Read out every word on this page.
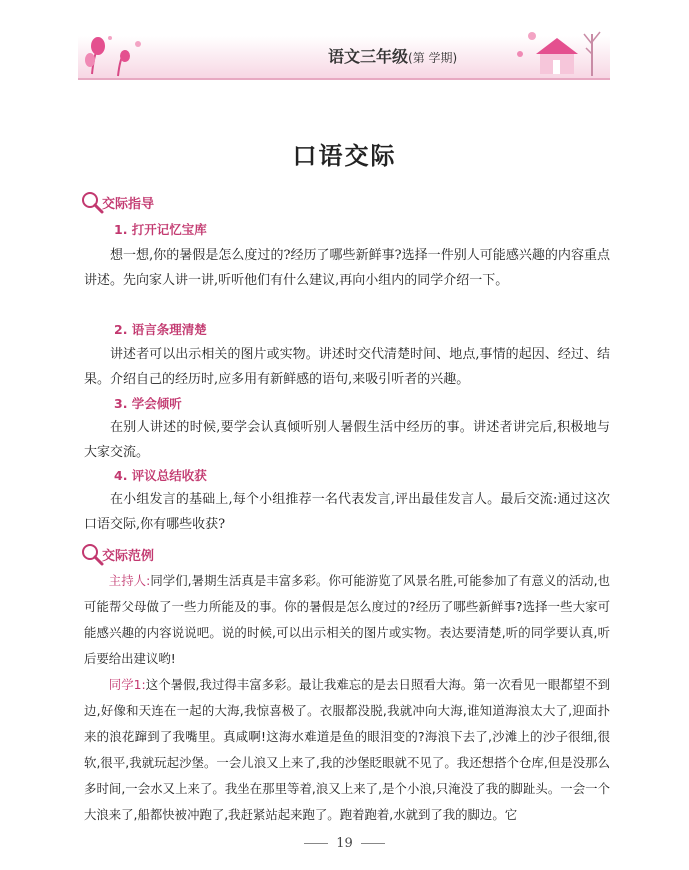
语文三年级(第 学期)
口语交际
交际指导
1. 打开记忆宝库

想一想,你的暑假是怎么度过的?经历了哪些新鲜事?选择一件别人可能感兴趣的内容重点讲述。先向家人讲一讲,听听他们有什么建议,再向小组内的同学介绍一下。

2. 语言条理清楚

讲述者可以出示相关的图片或实物。讲述时交代清楚时间、地点,事情的起因、经过、结果。介绍自己的经历时,应多用有新鲜感的语句,来吸引听者的兴趣。

3. 学会倾听

在别人讲述的时候,要学会认真倾听别人暑假生活中经历的事。讲述者讲完后,积极地与大家交流。

4. 评议总结收获

在小组发言的基础上,每个小组推荐一名代表发言,评出最佳发言人。最后交流:通过这次口语交际,你有哪些收获?

交际范例

主持人:同学们,暑期生活真是丰富多彩。你可能游览了风景名胜,可能参加了有意义的活动,也可能帮父母做了一些力所能及的事。你的暑假是怎么度过的?经历了哪些新鲜事?选择一些大家可能感兴趣的内容说说吧。说的时候,可以出示相关的图片或实物。表达要清楚,听的同学要认真,听后要给出建议哟!

同学1:这个暑假,我过得丰富多彩。最让我难忘的是去日照看大海。第一次看见一眼都望不到边,好像和天连在一起的大海,我惊喜极了。衣服都没脱,我就冲向大海,谁知道海浪太大了,迎面扑来的浪花蹿到了我嘴里。真咸啊!这海水难道是鱼的眼泪变的?海浪下去了,沙滩上的沙子很细,很软,很平,我就玩起沙堡。一会儿浪又上来了,我的沙堡眨眼就不见了。我还想搭个仓库,但是没那么多时间,一会水又上来了。我坐在那里等着,浪又上来了,是个小浪,只淹没了我的脚趾头。一会一个大浪来了,船都快被冲跑了,我赶紧站起来跑了。跑着跑着,水就到了我的脚边。它

19
